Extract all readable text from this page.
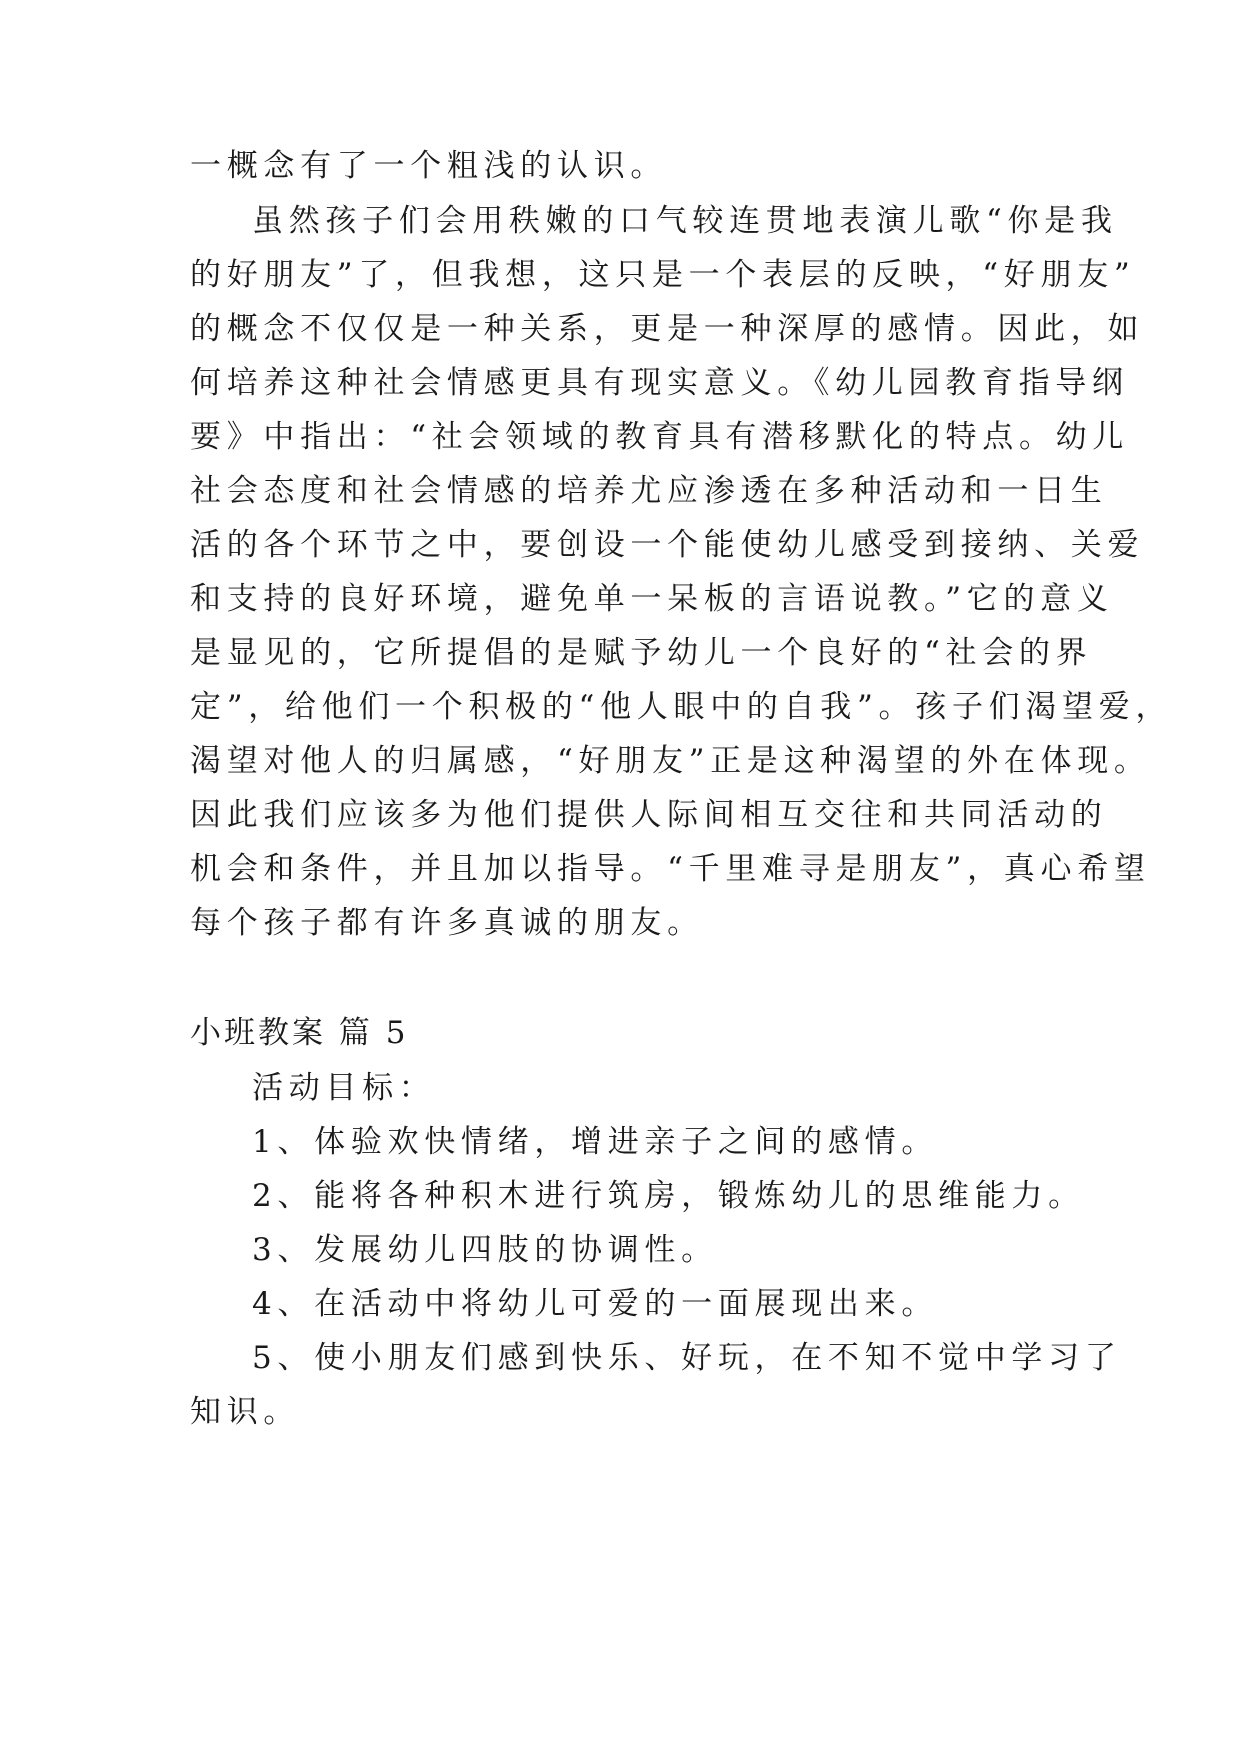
一概念有了一个粗浅的认识。
虽然孩子们会用秩嫩的口气较连贯地表演儿歌“你是我
的好朋友”了，但我想，这只是一个表层的反映，“好朋友”
的概念不仅仅是一种关系，更是一种深厚的感情。因此，如
何培养这种社会情感更具有现实意义。《幼儿园教育指导纲
要》中指出：“社会领域的教育具有潜移默化的特点。幼儿
社会态度和社会情感的培养尤应渗透在多种活动和一日生
活的各个环节之中，要创设一个能使幼儿感受到接纳、关爱
和支持的良好环境，避免单一呆板的言语说教。”它的意义
是显见的，它所提倡的是赋予幼儿一个良好的“社会的界
定”，给他们一个积极的“他人眼中的自我”。孩子们渴望爱，
渴望对他人的归属感，“好朋友”正是这种渴望的外在体现。
因此我们应该多为他们提供人际间相互交往和共同活动的
机会和条件，并且加以指导。“千里难寻是朋友”，真心希望
每个孩子都有许多真诚的朋友。
小班教案 篇 5
活动目标：
1、体验欢快情绪，增进亲子之间的感情。
2、能将各种积木进行筑房，锻炼幼儿的思维能力。
3、发展幼儿四肢的协调性。
4、在活动中将幼儿可爱的一面展现出来。
5、使小朋友们感到快乐、好玩，在不知不觉中学习了
知识。
